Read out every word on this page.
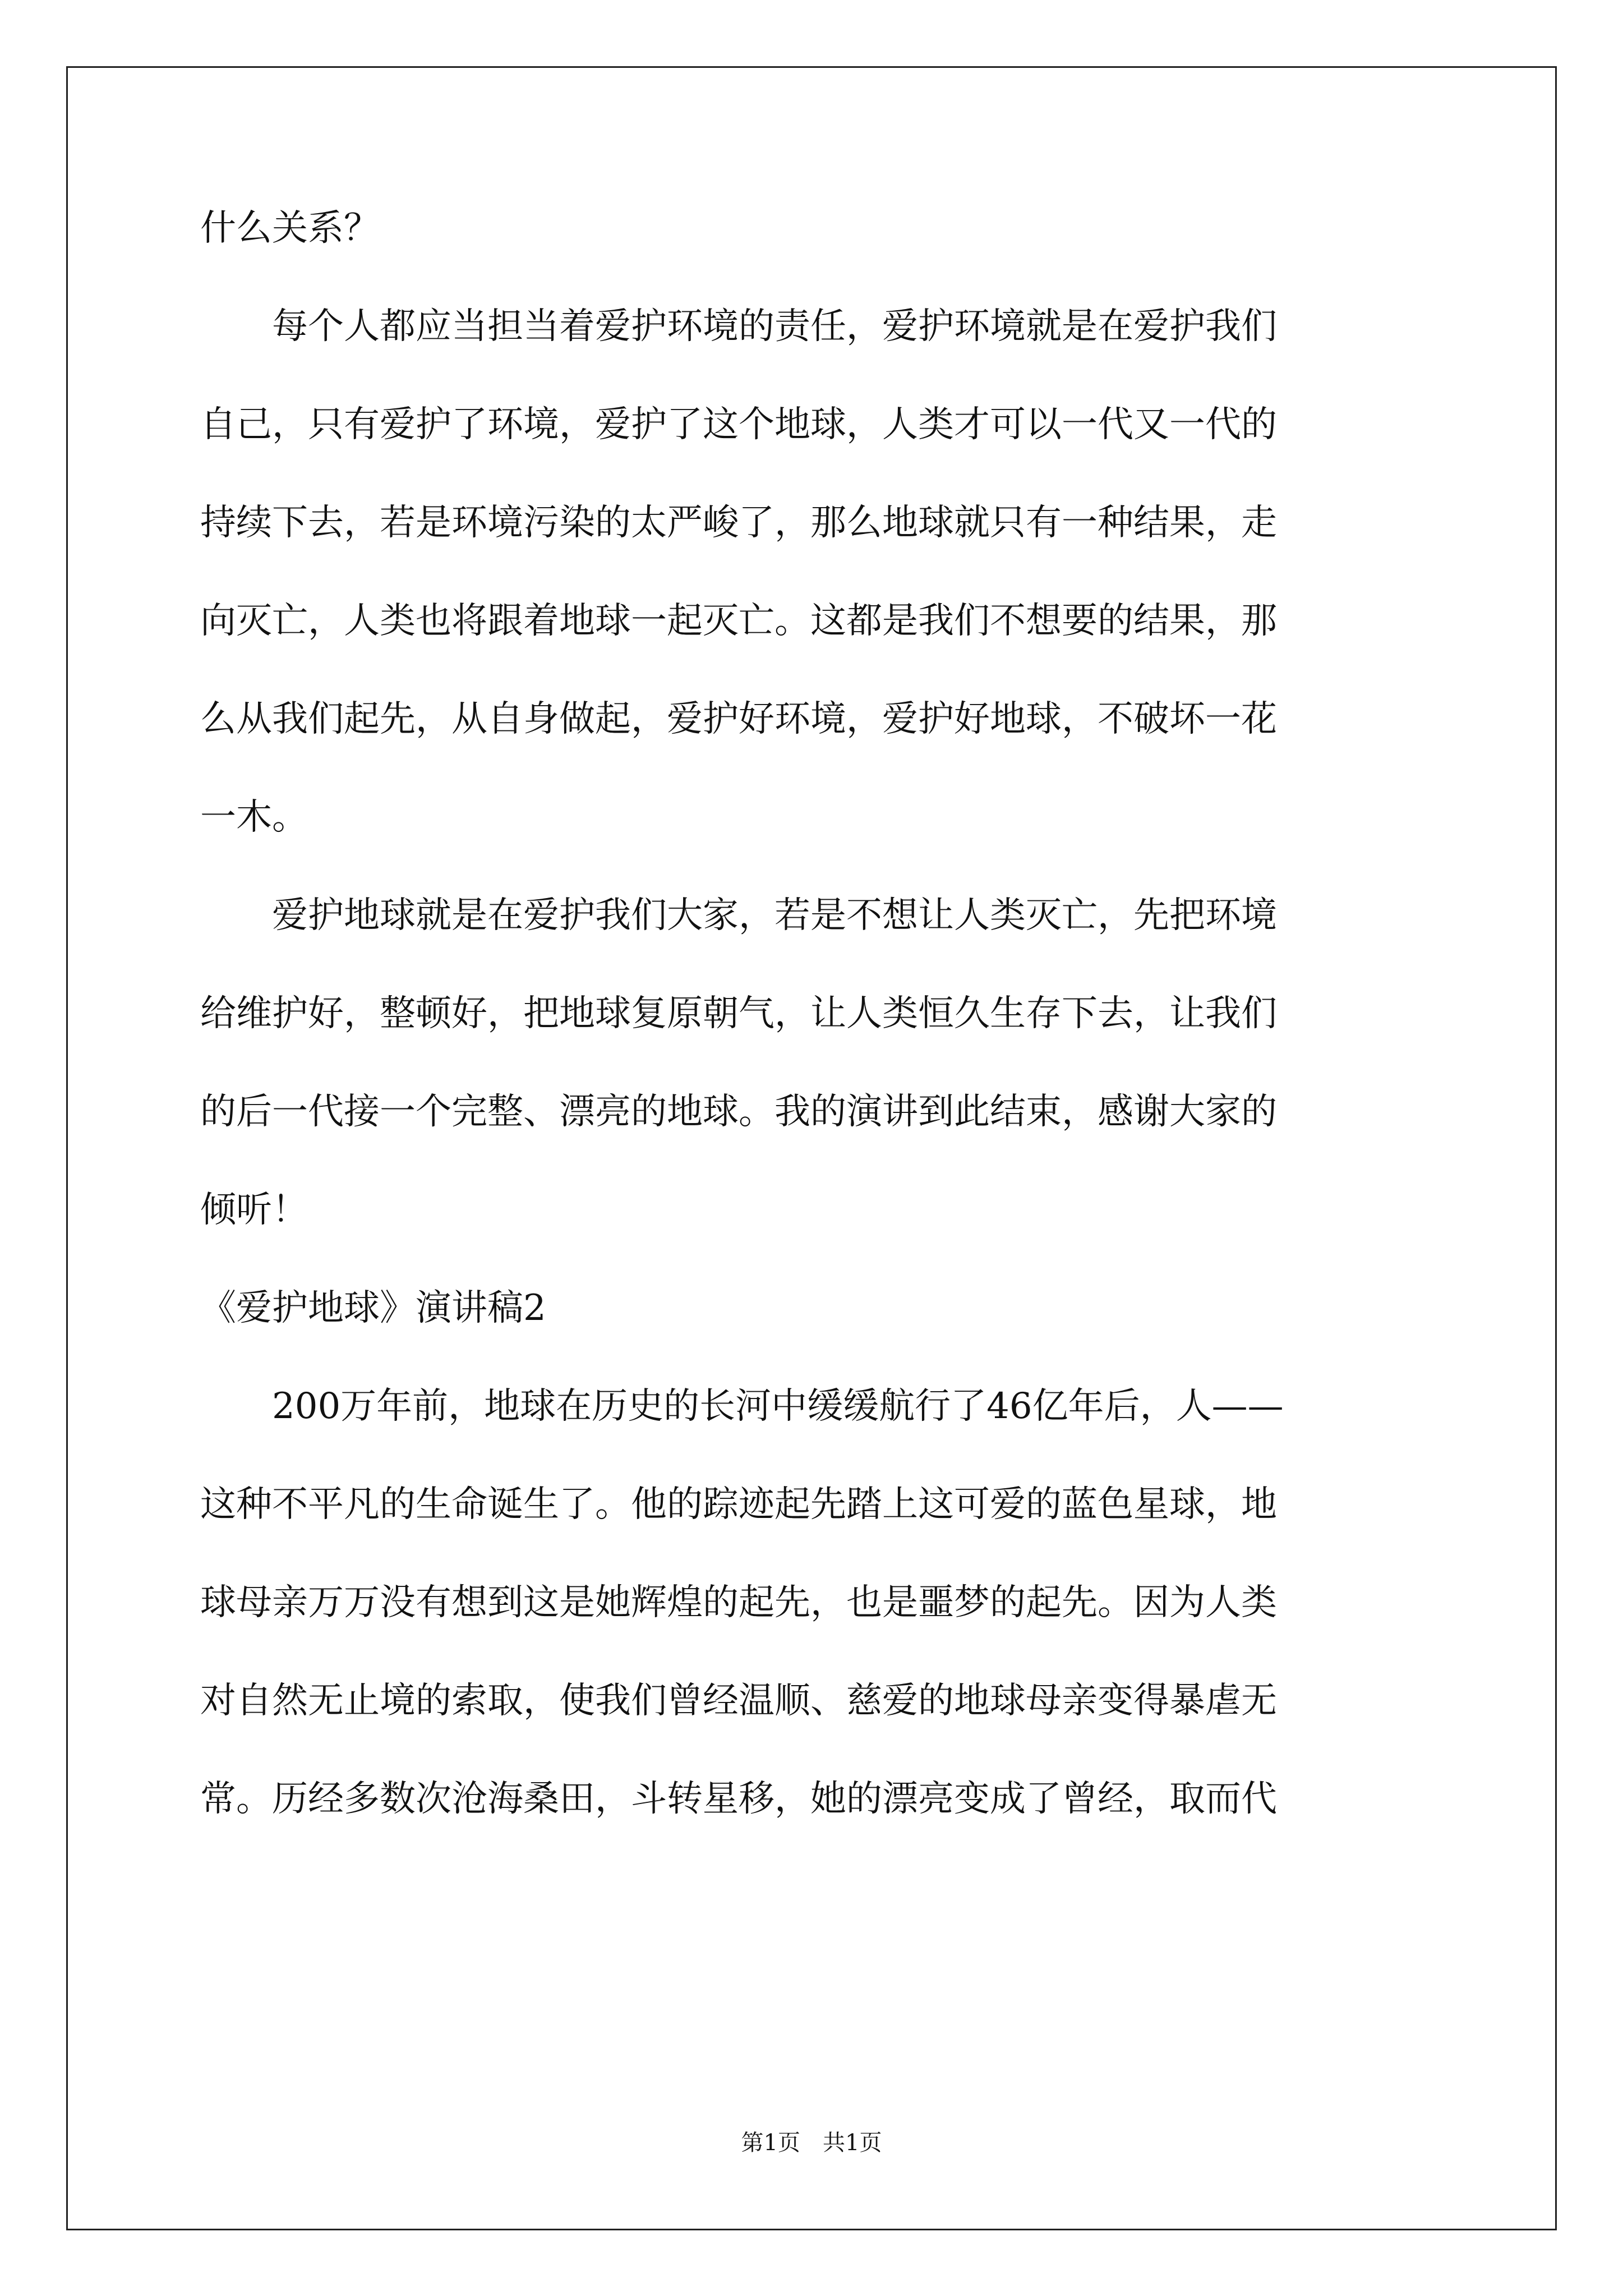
什么关系？

每个人都应当担当着爱护环境的责任，爱护环境就是在爱护我们

自己，只有爱护了环境，爱护了这个地球，人类才可以一代又一代的

持续下去，若是环境污染的太严峻了，那么地球就只有一种结果，走

向灭亡，人类也将跟着地球一起灭亡。这都是我们不想要的结果，那

么从我们起先，从自身做起，爱护好环境，爱护好地球，不破坏一花

一木。

爱护地球就是在爱护我们大家，若是不想让人类灭亡，先把环境

给维护好，整顿好，把地球复原朝气，让人类恒久生存下去，让我们

的后一代接一个完整、漂亮的地球。我的演讲到此结束，感谢大家的

倾听！

《爱护地球》演讲稿2

200万年前，地球在历史的长河中缓缓航行了46亿年后，人——

这种不平凡的生命诞生了。他的踪迹起先踏上这可爱的蓝色星球，地

球母亲万万没有想到这是她辉煌的起先，也是噩梦的起先。因为人类

对自然无止境的索取，使我们曾经温顺、慈爱的地球母亲变得暴虐无

常。历经多数次沧海桑田，斗转星移，她的漂亮变成了曾经，取而代

第1页　共1页
